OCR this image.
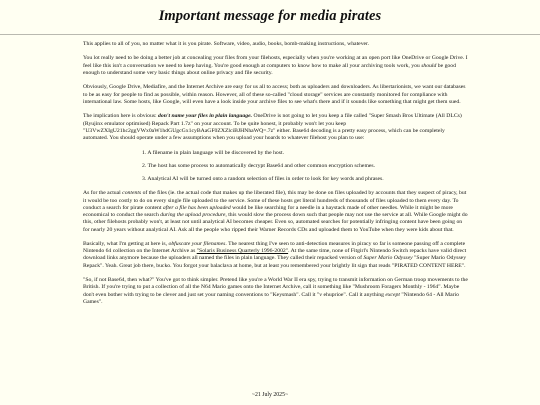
Important message for media pirates

This applies to all of you, no matter what it is you pirate. Software, video, audio, books, bomb-making instructions, whatever.

You lot really need to be doing a better job at concealing your files from your filehosts, especially when you're working at an open port like OneDrive or Google Drive. I feel like this isn't a conversation we need to keep having. You're good enough at computers to know how to make all your archiving tools work, you should be good enough to understand some very basic things about online privacy and file security.

Obviously, Google Drive, Mediafire, and the Internet Archive are easy for us all to access; both as uploaders and downloaders. As libertarionists, we want our databases to be as easy for people to find as possible, within reason. However, all of these so-called "cloud storage" services are constantly monitored for compliance with international law. Some hosts, like Google, will even have a look inside your archive files to see what's there and if it sounds like something that might get them sued.

The implication here is obvious: don't name your files in plain language. OneDrive is not going to let you keep a file called "Super Smash Bros Ultimate (All DLCs) (Ryujinx emulator optimised) Repack Part 1.7z" on your account. To be quite honest, it probably won't let you keep "U3VwZXIgU21hc2ggVWx0aW1hdGUgcGx1cyBAaGF0ZXZlciBJHNhaWQ=.7z" either. Base64 decoding is a pretty easy process, which can be completely automated. You should operate under a few assumptions when you upload your hoards to whatever filehost you plan to use:

1. A filename in plain language will be discovered by the host.
2. The host has some process to automatically decrypt Base64 and other common encryption schemes.
3. Analytical AI will be turned onto a random selection of files in order to look for key words and phrases.

As for the actual contents of the files (ie. the actual code that makes up the liberated file), this may be done on files uploaded by accounts that they suspect of piracy, but it would be too costly to do on every single file uploaded to the service. Some of these hosts get literal hundreds of thousands of files uploaded to them every day. To conduct a search for pirate content after a file has been uploaded would be like searching for a needle in a haystack made of other needles. While it might be more economical to conduct the search during the upload procedure, this would slow the process down such that people may not use the service at all. While Google might do this, other filehosts probably won't, at least not until analytical AI becomes cheaper. Even so, automated searches for potentially infringing content have been going on for nearly 20 years without analytical AI. Ask all the people who ripped their Warner Records CDs and uploaded them to YouTube when they were kids about that.

Basically, what I'm getting at here is, obfuscate your filenames. The nearest thing I've seen to anti-detection measures in piracy so far is someone passing off a complete Nintendo 64 collection on the Internet Archive as "Solaris Business Quarterly 1996-2002". At the same time, none of Fitgirl's Nintendo Switch repacks have valid direct download links anymore because the uploaders all named the files in plain language. They called their repacked version of Super Mario Odyssey "Super Mario Odyssey Repack". Yeah. Great job there, bucko. You forgot your balaclava at home, but at least you remembered your brightly lit sign that reads "PIRATED CONTENT HERE".

"So, if not Base64, then what?" You've got to think simpler. Pretend like you're a World War II era spy, trying to transmit information on German troop movements to the British. If you're trying to put a collection of all the N64 Mario games onto the Internet Archive, call it something like "Mushroom Foragers Monthly - 1964". Maybe don't even bother with trying to be clever and just set your naming conventions to "Keysmash". Call it "v ehuprioe". Call it anything except "Nintendo 64 - All Mario Games".

~21 July 2025~
